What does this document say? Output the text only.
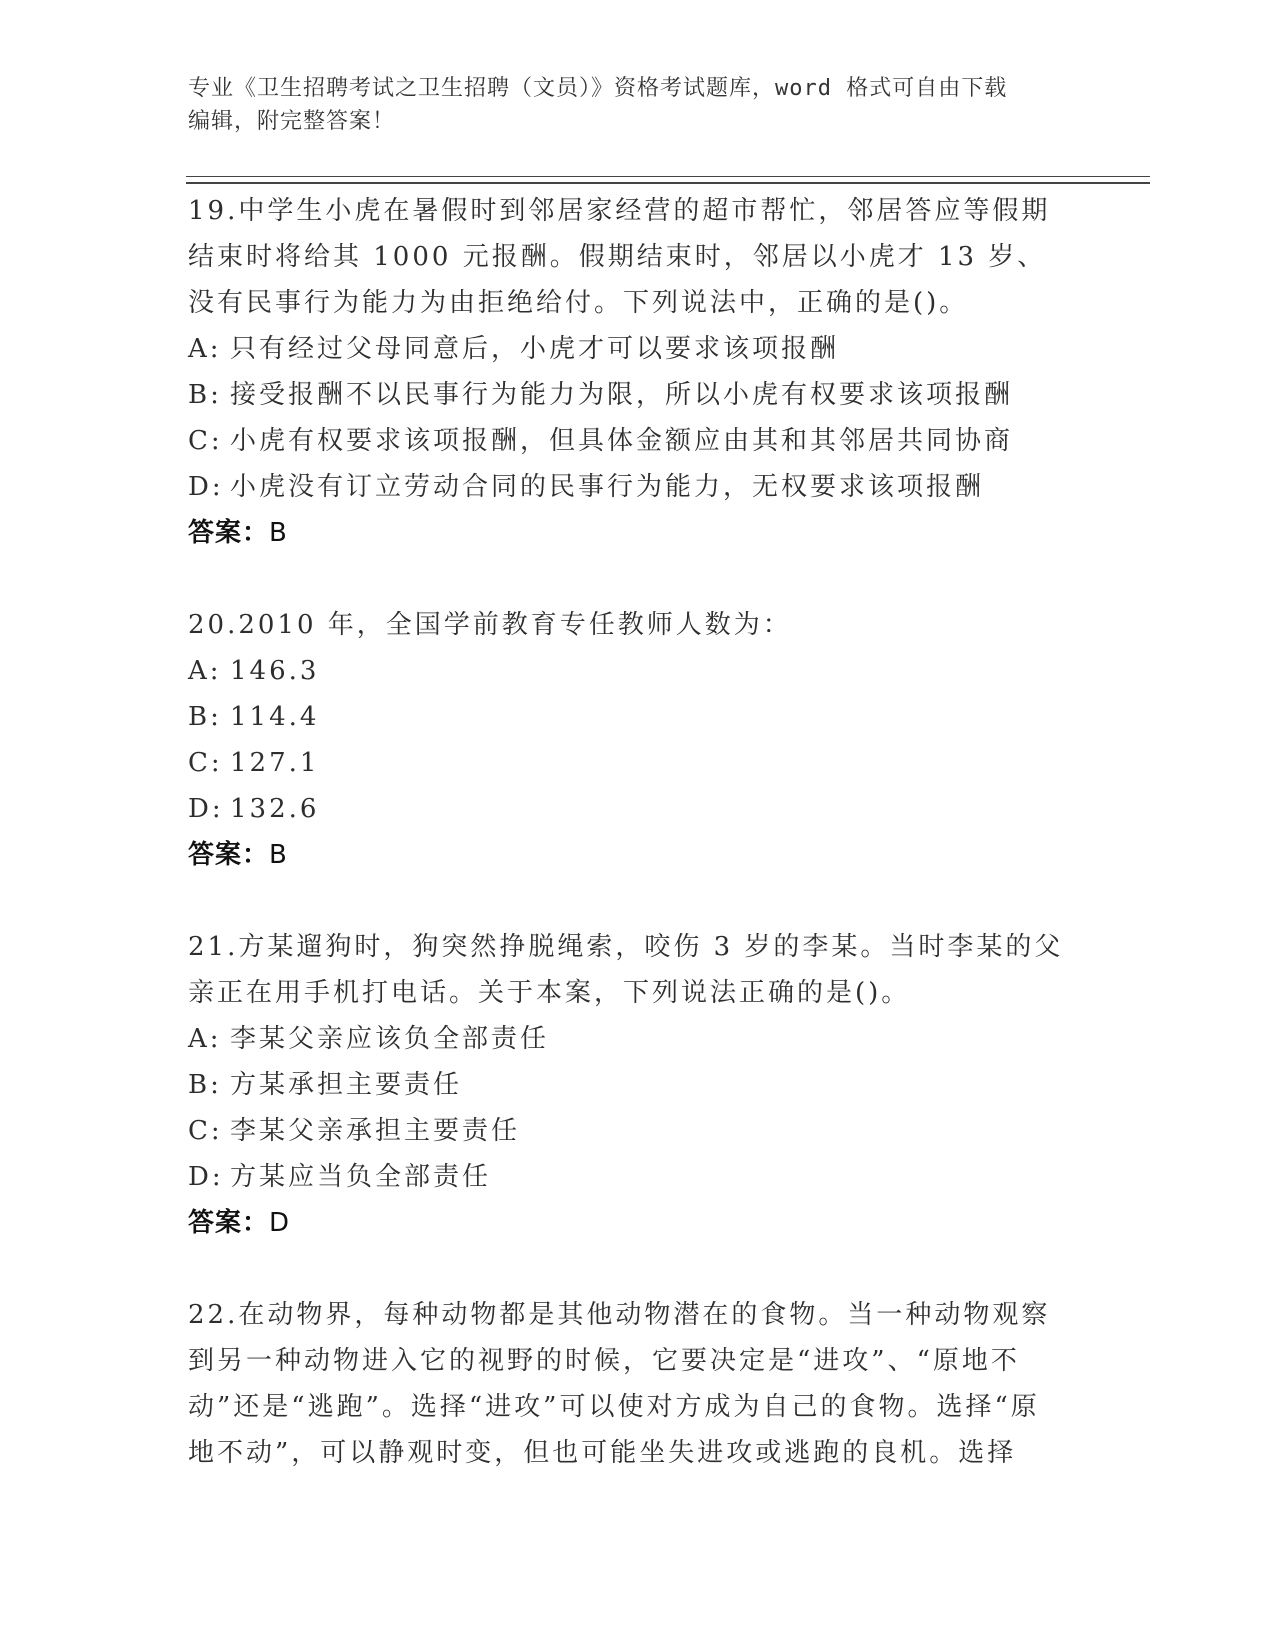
专业《卫生招聘考试之卫生招聘（文员）》资格考试题库，word 格式可自由下载
编辑，附完整答案！
19.中学生小虎在暑假时到邻居家经营的超市帮忙，邻居答应等假期结束时将给其 1000 元报酬。假期结束时，邻居以小虎才 13 岁、没有民事行为能力为由拒绝给付。下列说法中，正确的是()。
A: 只有经过父母同意后，小虎才可以要求该项报酬
B: 接受报酬不以民事行为能力为限，所以小虎有权要求该项报酬
C: 小虎有权要求该项报酬，但具体金额应由其和其邻居共同协商
D: 小虎没有订立劳动合同的民事行为能力，无权要求该项报酬
答案：B
20.2010 年，全国学前教育专任教师人数为：
A: 146.3
B: 114.4
C: 127.1
D: 132.6
答案：B
21.方某遛狗时，狗突然挣脱绳索，咬伤 3 岁的李某。当时李某的父亲正在用手机打电话。关于本案，下列说法正确的是()。
A: 李某父亲应该负全部责任
B: 方某承担主要责任
C: 李某父亲承担主要责任
D: 方某应当负全部责任
答案：D
22.在动物界，每种动物都是其他动物潜在的食物。当一种动物观察到另一种动物进入它的视野的时候，它要决定是“进攻”、“原地不动”还是“逃跑”。选择“进攻”可以使对方成为自己的食物。选择“原地不动”，可以静观时变，但也可能坐失进攻或逃跑的良机。选择
